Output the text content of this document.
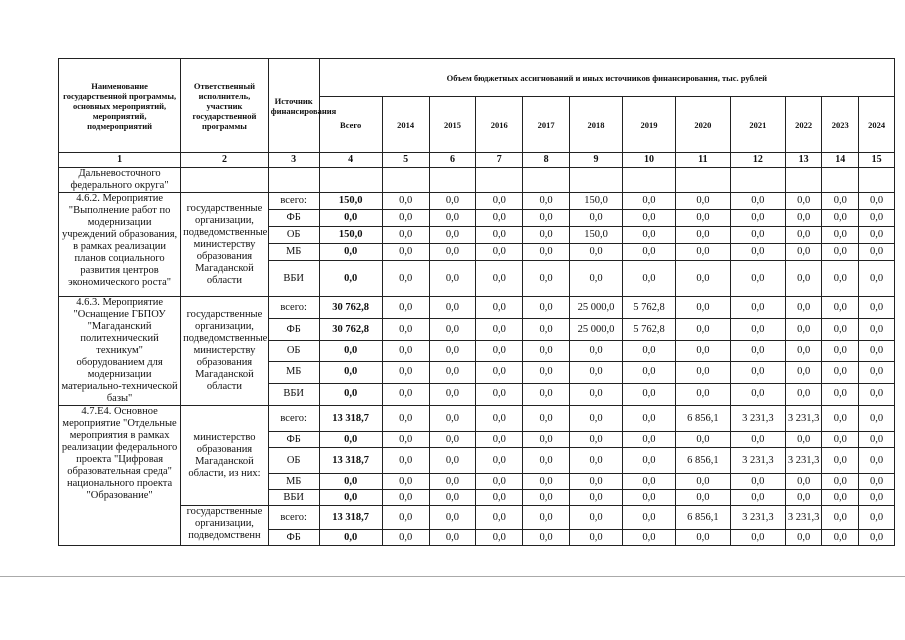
Наименование государственной программы, основных мероприятий, мероприятий, подмероприятий	Ответственный исполнитель, участник государственной программы	Источник финансирования	Объем бюджетных ассигнований и иных источников финансирования, тыс. рублей											
			Всего	2014	2015	2016	2017	2018	2019	2020	2021	2022	2023	2024
1	2	3	4	5	6	7	8	9	10	11	12	13	14	15
Дальневосточного федерального округа"														
4.6.2. Мероприятие "Выполнение работ по модернизации учреждений образования, в рамках реализации планов социального развития центров экономического роста"	государственные организации, подведомственные министерству образования Магаданской области	всего:	150,0	0,0	0,0	0,0	0,0	150,0	0,0	0,0	0,0	0,0	0,0	0,0
		ФБ	0,0	0,0	0,0	0,0	0,0	0,0	0,0	0,0	0,0	0,0	0,0	0,0
		ОБ	150,0	0,0	0,0	0,0	0,0	150,0	0,0	0,0	0,0	0,0	0,0	0,0
		МБ	0,0	0,0	0,0	0,0	0,0	0,0	0,0	0,0	0,0	0,0	0,0	0,0
		ВБИ	0,0	0,0	0,0	0,0	0,0	0,0	0,0	0,0	0,0	0,0	0,0	0,0
4.6.3. Мероприятие "Оснащение ГБПОУ "Магаданский политехнический техникум" оборудованием для модернизации материально-технической базы"	государственные организации, подведомственные министерству образования Магаданской области	всего:	30 762,8	0,0	0,0	0,0	0,0	25 000,0	5 762,8	0,0	0,0	0,0	0,0	0,0
		ФБ	30 762,8	0,0	0,0	0,0	0,0	25 000,0	5 762,8	0,0	0,0	0,0	0,0	0,0
		ОБ	0,0	0,0	0,0	0,0	0,0	0,0	0,0	0,0	0,0	0,0	0,0	0,0
		МБ	0,0	0,0	0,0	0,0	0,0	0,0	0,0	0,0	0,0	0,0	0,0	0,0
		ВБИ	0,0	0,0	0,0	0,0	0,0	0,0	0,0	0,0	0,0	0,0	0,0	0,0
4.7.Е4. Основное мероприятие "Отдельные мероприятия в рамках реализации федерального проекта "Цифровая образовательная среда" национального проекта "Образование"	министерство образования Магаданской области, из них:	всего:	13 318,7	0,0	0,0	0,0	0,0	0,0	0,0	6 856,1	3 231,3	3 231,3	0,0	0,0
		ФБ	0,0	0,0	0,0	0,0	0,0	0,0	0,0	0,0	0,0	0,0	0,0	0,0
		ОБ	13 318,7	0,0	0,0	0,0	0,0	0,0	0,0	6 856,1	3 231,3	3 231,3	0,0	0,0
		МБ	0,0	0,0	0,0	0,0	0,0	0,0	0,0	0,0	0,0	0,0	0,0	0,0
		ВБИ	0,0	0,0	0,0	0,0	0,0	0,0	0,0	0,0	0,0	0,0	0,0	0,0
	государственные организации, подведомственн	всего:	13 318,7	0,0	0,0	0,0	0,0	0,0	0,0	6 856,1	3 231,3	3 231,3	0,0	0,0
		ФБ	0,0	0,0	0,0	0,0	0,0	0,0	0,0	0,0	0,0	0,0	0,0	0,0
